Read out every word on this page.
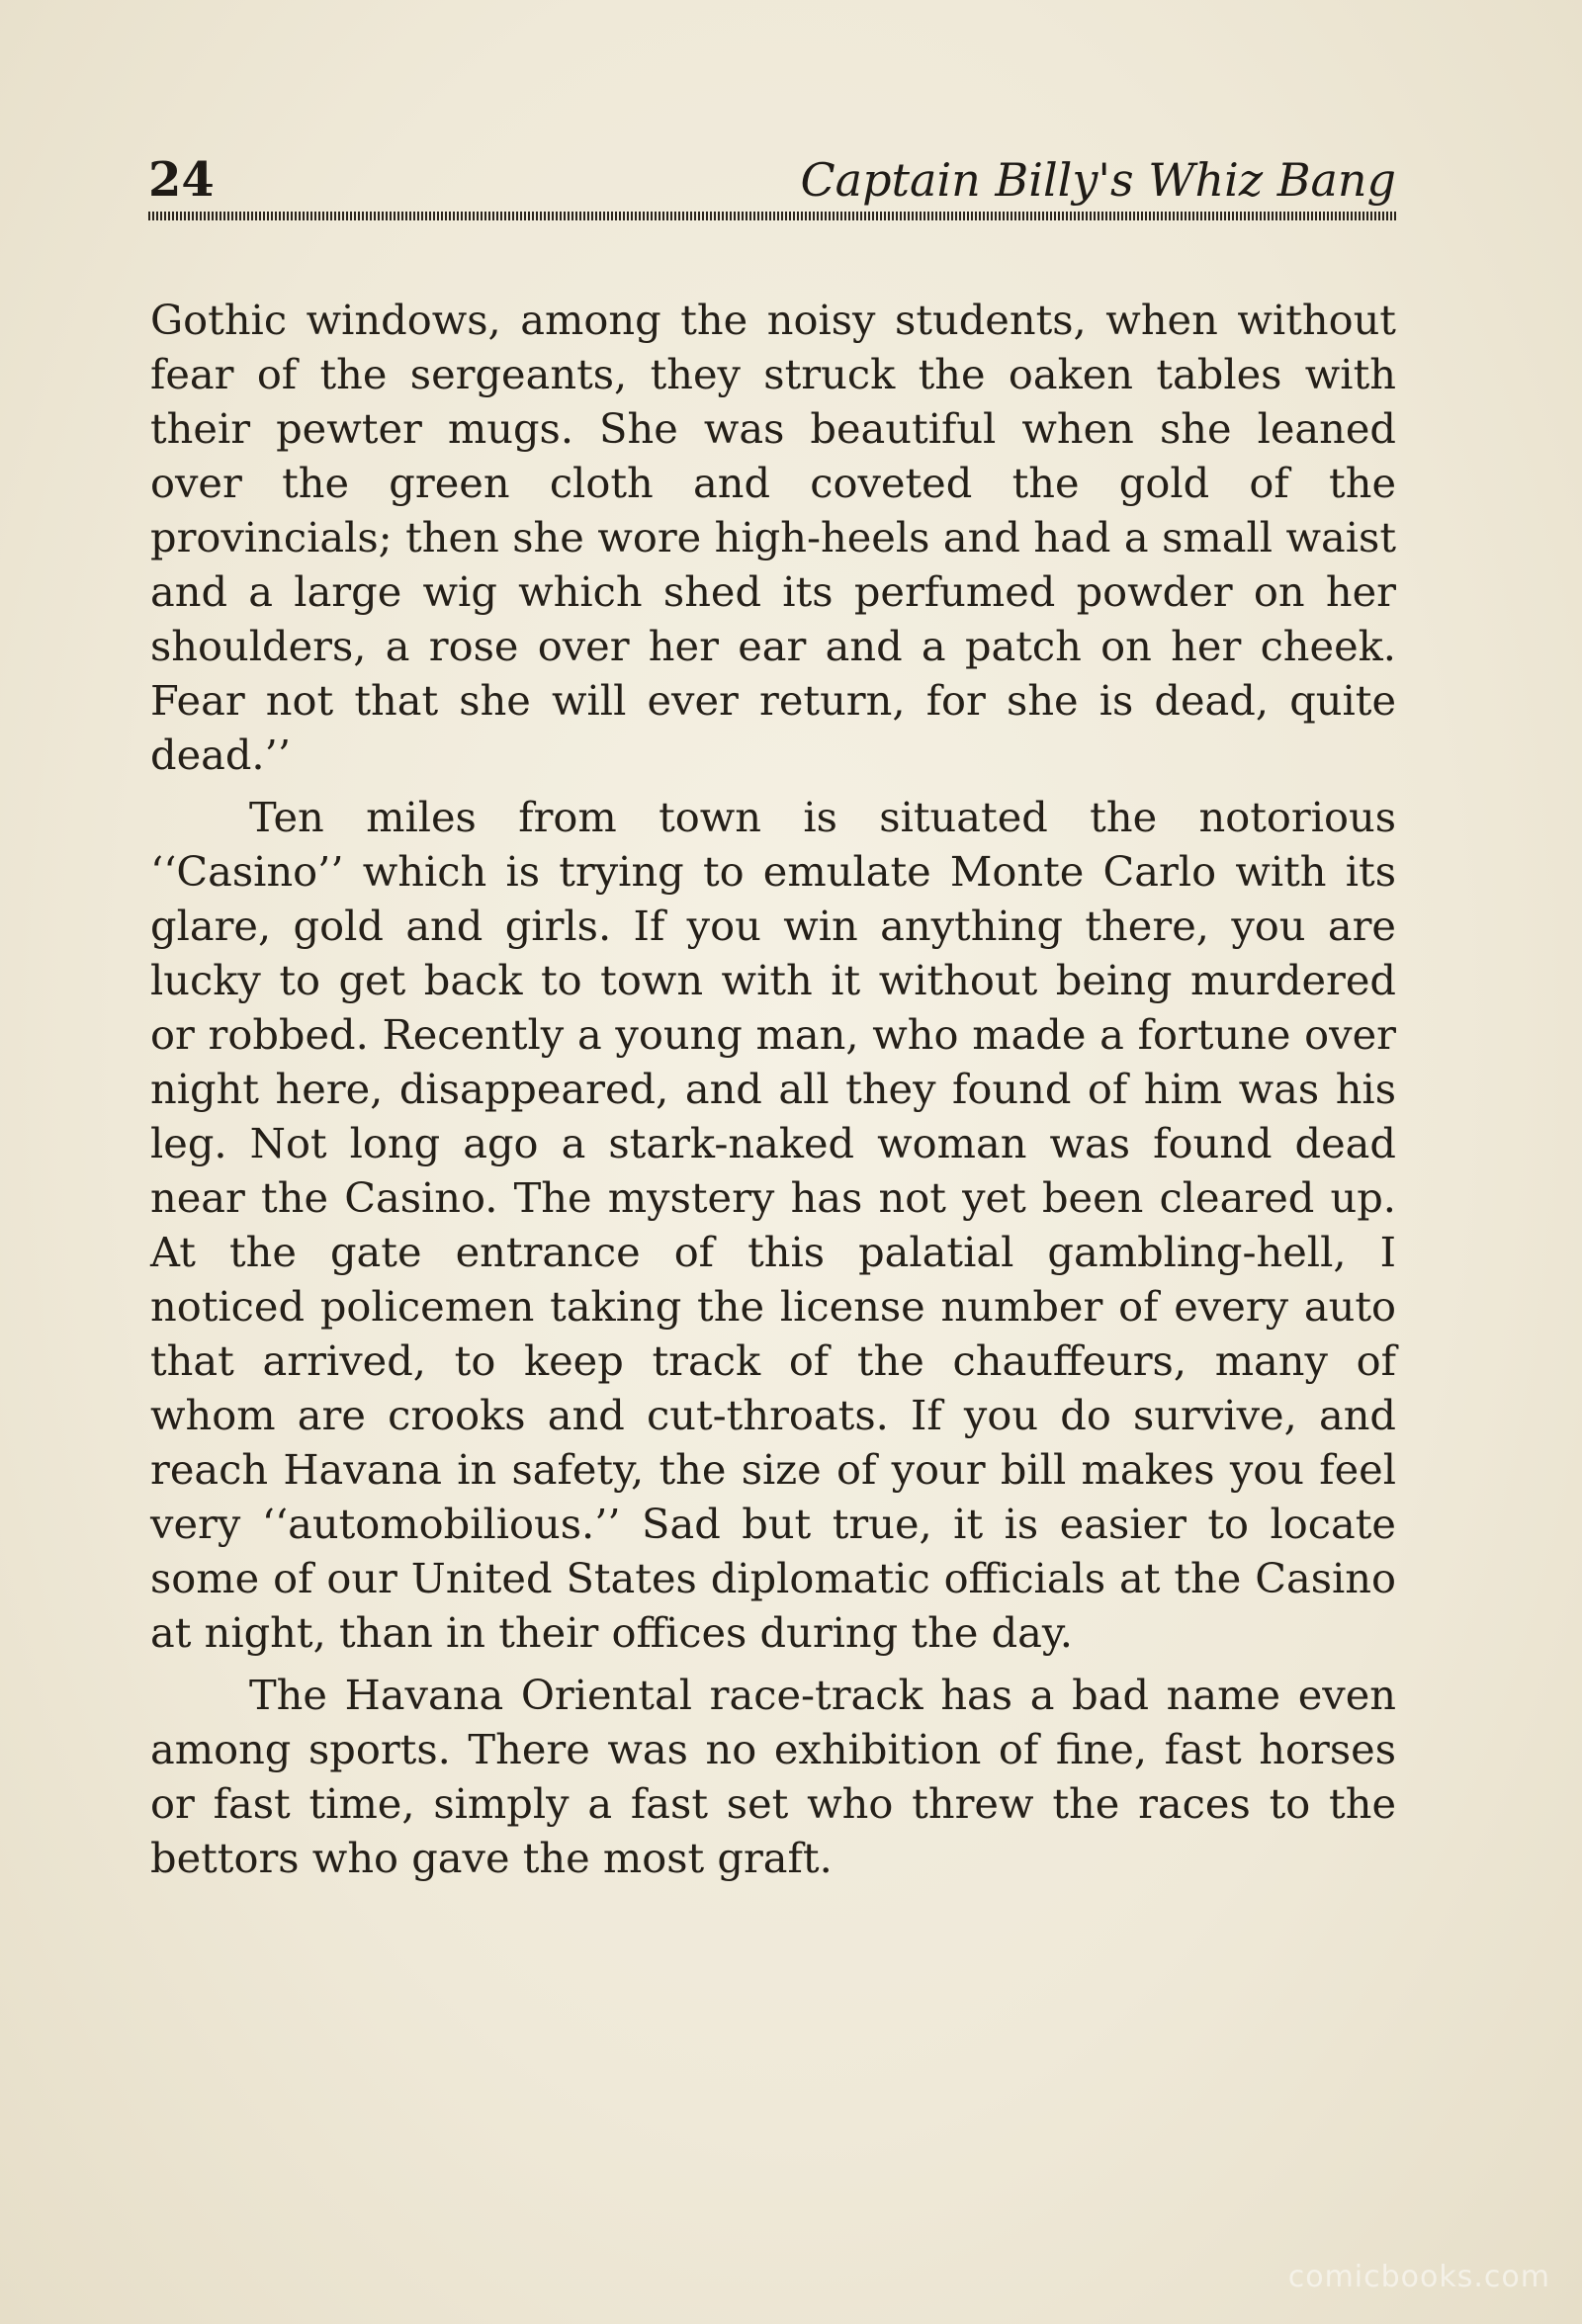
24	Captain Billy's Whiz Bang

Gothic windows, among the noisy students, when without fear of the sergeants, they struck the oaken tables with their pewter mugs. She was beautiful when she leaned over the green cloth and coveted the gold of the provincials; then she wore high-heels and had a small waist and a large wig which shed its perfumed powder on her shoulders, a rose over her ear and a patch on her cheek. Fear not that she will ever return, for she is dead, quite dead.’’

Ten miles from town is situated the notorious ‘‘Casino’’ which is trying to emulate Monte Carlo with its glare, gold and girls. If you win anything there, you are lucky to get back to town with it without being murdered or robbed. Recently a young man, who made a fortune over night here, disappeared, and all they found of him was his leg. Not long ago a stark-naked woman was found dead near the Casino. The mystery has not yet been cleared up. At the gate entrance of this palatial gambling-hell, I noticed policemen taking the license number of every auto that arrived, to keep track of the chauffeurs, many of whom are crooks and cut-throats. If you do survive, and reach Havana in safety, the size of your bill makes you feel very ‘‘automobilious.’’ Sad but true, it is easier to locate some of our United States diplomatic officials at the Casino at night, than in their offices during the day.

The Havana Oriental race-track has a bad name even among sports. There was no exhibition of fine, fast horses or fast time, simply a fast set who threw the races to the bettors who gave the most graft.

comicbooks.com
